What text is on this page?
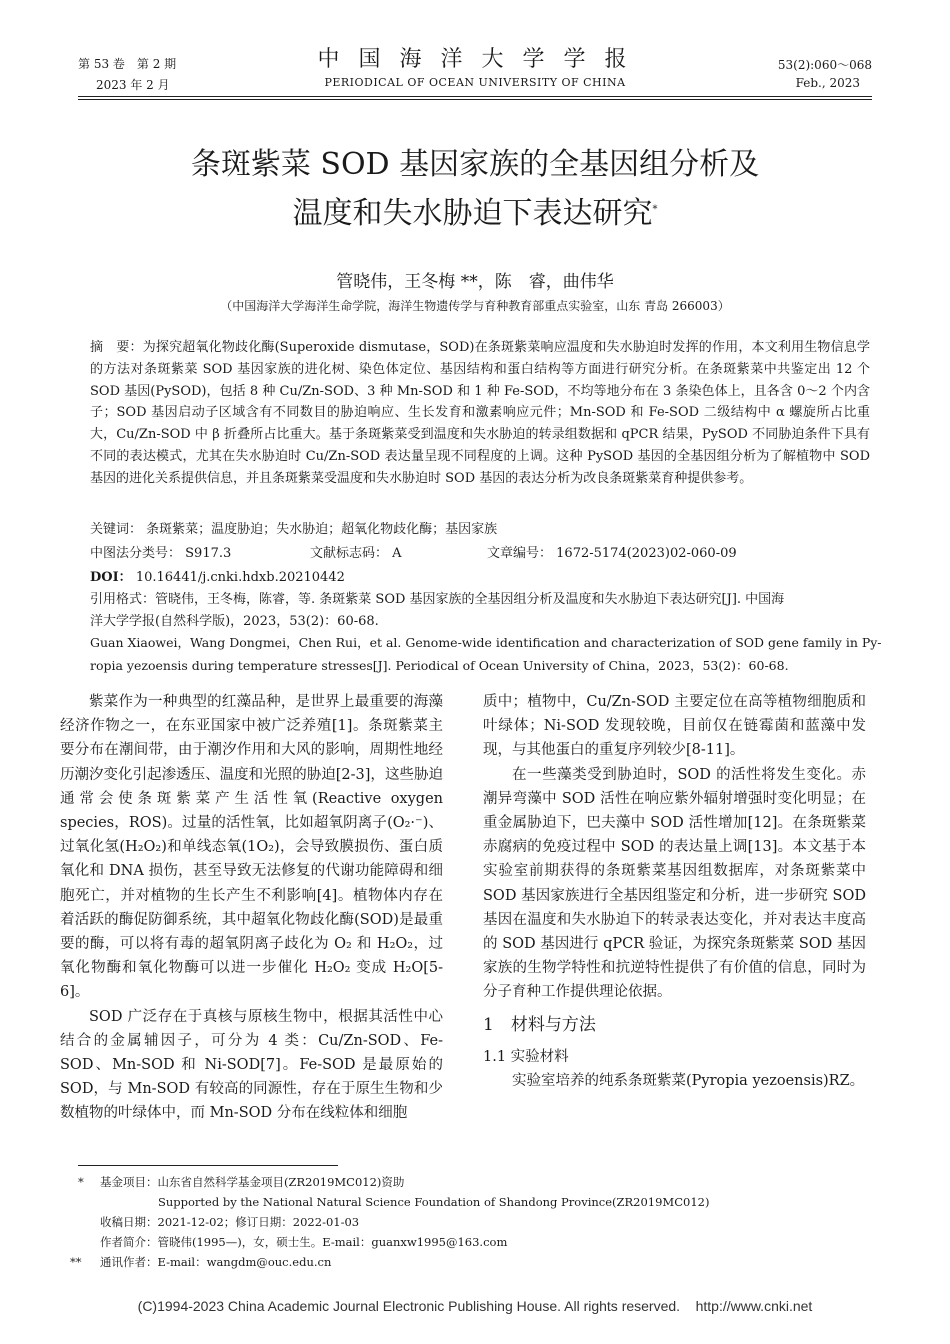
第 53 卷　第 2 期
2023 年 2 月
中 国 海 洋 大 学 学 报
PERIODICAL OF OCEAN UNIVERSITY OF CHINA
53(2):060～068
Feb., 2023
条斑紫菜 SOD 基因家族的全基因组分析及
温度和失水胁迫下表达研究*
管晓伟，王冬梅 **，陈　睿，曲伟华
（中国海洋大学海洋生命学院，海洋生物遗传学与育种教育部重点实验室，山东 青岛 266003）
摘　要：为探究超氧化物歧化酶(Superoxide dismutase，SOD)在条斑紫菜响应温度和失水胁迫时发挥的作用，本文利用生物信息学的方法对条斑紫菜 SOD 基因家族的进化树、染色体定位、基因结构和蛋白结构等方面进行研究分析。在条斑紫菜中共鉴定出 12 个 SOD 基因(PySOD)，包括 8 种 Cu/Zn-SOD、3 种 Mn-SOD 和 1 种 Fe-SOD，不均等地分布在 3 条染色体上，且各含 0～2 个内含子；SOD 基因启动子区域含有不同数目的胁迫响应、生长发育和激素响应元件；Mn-SOD 和 Fe-SOD 二级结构中 α 螺旋所占比重大，Cu/Zn-SOD 中 β 折叠所占比重大。基于条斑紫菜受到温度和失水胁迫的转录组数据和 qPCR 结果，PySOD 不同胁迫条件下具有不同的表达模式，尤其在失水胁迫时 Cu/Zn-SOD 表达量呈现不同程度的上调。这种 PySOD 基因的全基因组分析为了解植物中 SOD 基因的进化关系提供信息，并且条斑紫菜受温度和失水胁迫时 SOD 基因的表达分析为改良条斑紫菜育种提供参考。
关键词： 条斑紫菜；温度胁迫；失水胁迫；超氧化物歧化酶；基因家族
中图法分类号： S917.3	文献标志码： A	文章编号： 1672-5174(2023)02-060-09
DOI： 10.16441/j.cnki.hdxb.20210442
引用格式：管晓伟，王冬梅，陈睿，等. 条斑紫菜 SOD 基因家族的全基因组分析及温度和失水胁迫下表达研究[J]. 中国海
洋大学学报(自然科学版)，2023，53(2)：60-68.
Guan Xiaowei，Wang Dongmei，Chen Rui，et al. Genome-wide identification and characterization of SOD gene family in Py-
ropia yezoensis during temperature stresses[J]. Periodical of Ocean University of China，2023，53(2)：60-68.

紫菜作为一种典型的红藻品种，是世界上最重要的海藻经济作物之一，在东亚国家中被广泛养殖[1]。条斑紫菜主要分布在潮间带，由于潮汐作用和大风的影响，周期性地经历潮汐变化引起渗透压、温度和光照的胁迫[2-3]，这些胁迫通常会使条斑紫菜产生活性氧(Reactive oxygen species，ROS)。过量的活性氧，比如超氧阴离子(O₂·⁻)、过氧化氢(H₂O₂)和单线态氧(1O₂)，会导致膜损伤、蛋白质氧化和 DNA 损伤，甚至导致无法修复的代谢功能障碍和细胞死亡，并对植物的生长产生不利影响[4]。植物体内存在着活跃的酶促防御系统，其中超氧化物歧化酶(SOD)是最重要的酶，可以将有毒的超氧阴离子歧化为 O₂ 和 H₂O₂，过氧化物酶和氧化物酶可以进一步催化 H₂O₂ 变成 H₂O[5-6]。

SOD 广泛存在于真核与原核生物中，根据其活性中心结合的金属辅因子，可分为 4 类：Cu/Zn-SOD、Fe-SOD、Mn-SOD 和 Ni-SOD[7]。Fe-SOD 是最原始的 SOD，与 Mn-SOD 有较高的同源性，存在于原生生物和少数植物的叶绿体中，而 Mn-SOD 分布在线粒体和细胞

质中；植物中，Cu/Zn-SOD 主要定位在高等植物细胞质和叶绿体；Ni-SOD 发现较晚，目前仅在链霉菌和蓝藻中发现，与其他蛋白的重复序列较少[8-11]。

在一些藻类受到胁迫时，SOD 的活性将发生变化。赤潮异弯藻中 SOD 活性在响应紫外辐射增强时变化明显；在重金属胁迫下，巴夫藻中 SOD 活性增加[12]。在条斑紫菜赤腐病的免疫过程中 SOD 的表达量上调[13]。本文基于本实验室前期获得的条斑紫菜基因组数据库，对条斑紫菜中 SOD 基因家族进行全基因组鉴定和分析，进一步研究 SOD 基因在温度和失水胁迫下的转录表达变化，并对表达丰度高的 SOD 基因进行 qPCR 验证，为探究条斑紫菜 SOD 基因家族的生物学特性和抗逆特性提供了有价值的信息，同时为分子育种工作提供理论依据。

1　材料与方法
1.1 实验材料

实验室培养的纯系条斑紫菜(Pyropia yezoensis)RZ。

* 基金项目：山东省自然科学基金项目(ZR2019MC012)资助
Supported by the National Natural Science Foundation of Shandong Province(ZR2019MC012)
收稿日期：2021-12-02；修订日期：2022-01-03
作者简介：管晓伟(1995—)，女，硕士生。E-mail：guanxw1995@163.com
** 通讯作者：E-mail：wangdm@ouc.edu.cn
(C)1994-2023 China Academic Journal Electronic Publishing House. All rights reserved.    http://www.cnki.net
